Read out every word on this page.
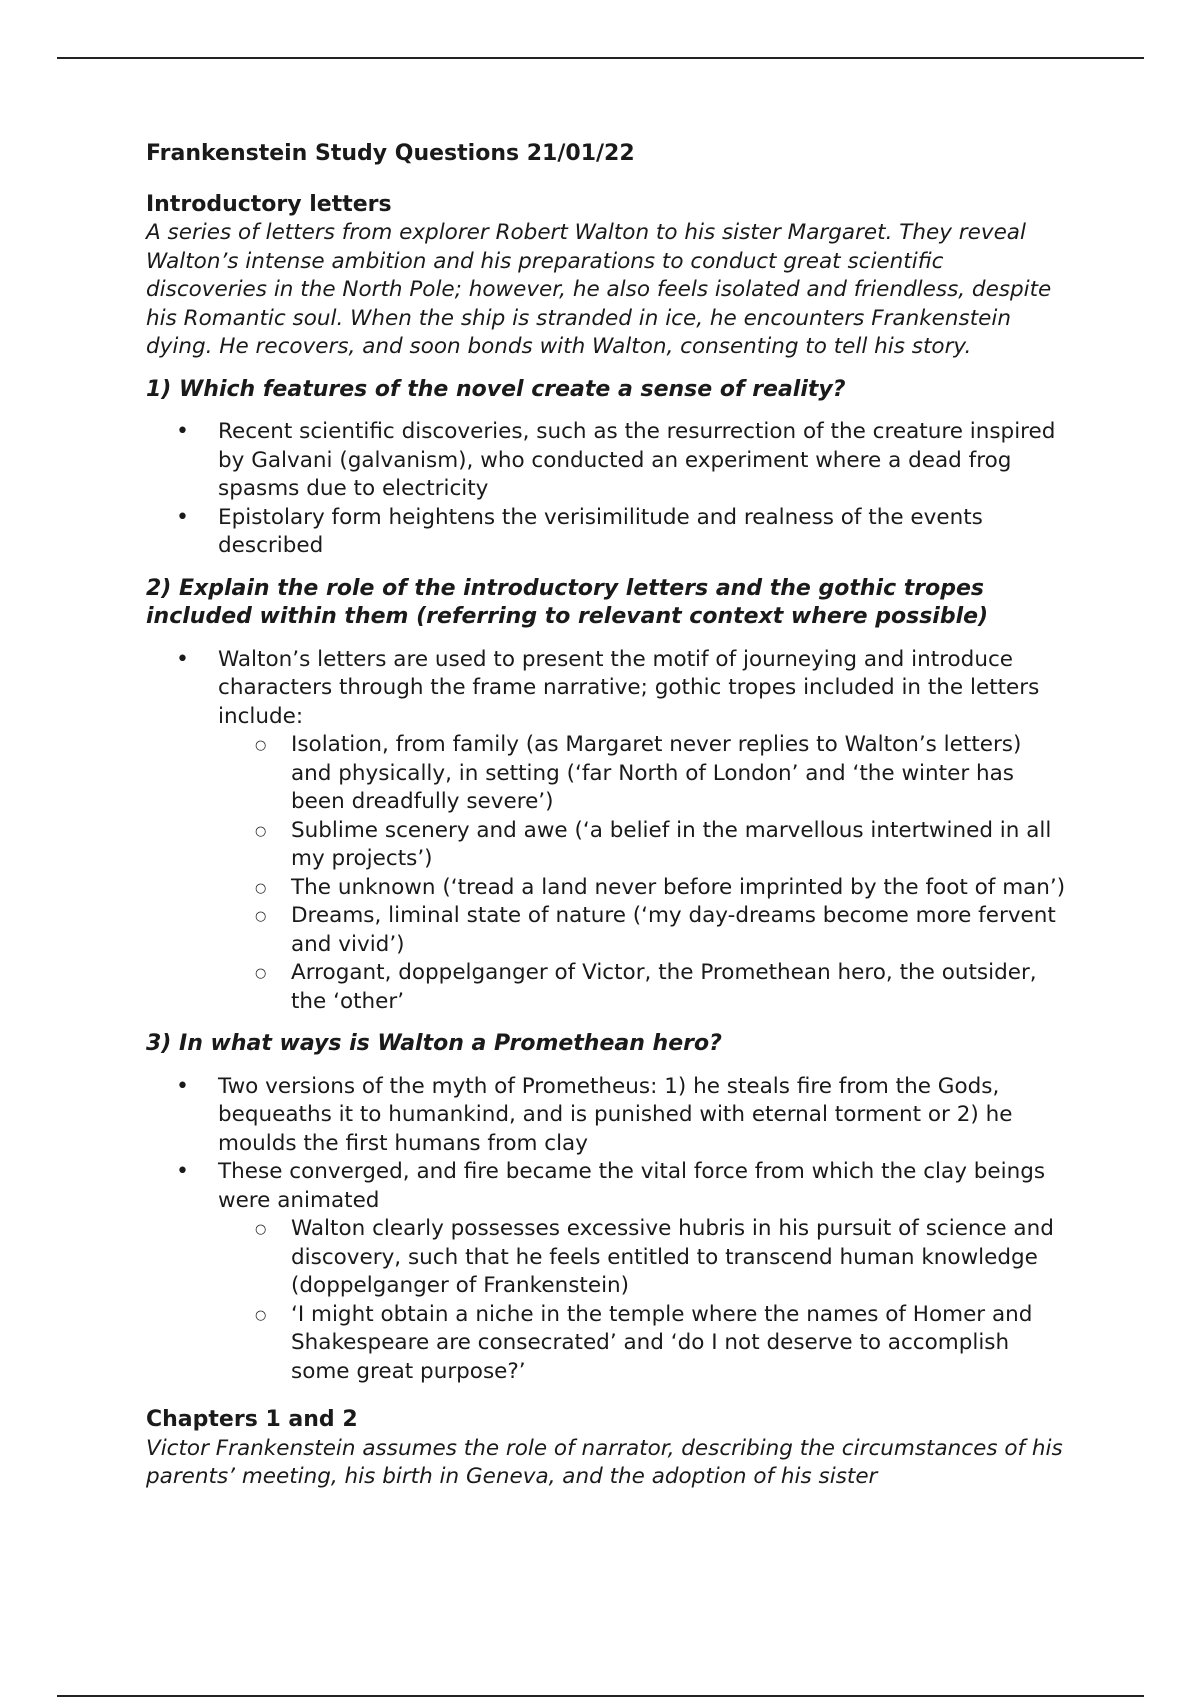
Frankenstein Study Questions 21/01/22

Introductory letters

A series of letters from explorer Robert Walton to his sister Margaret. They reveal Walton’s intense ambition and his preparations to conduct great scientific discoveries in the North Pole; however, he also feels isolated and friendless, despite his Romantic soul. When the ship is stranded in ice, he encounters Frankenstein dying. He recovers, and soon bonds with Walton, consenting to tell his story.

1) Which features of the novel create a sense of reality?

• Recent scientific discoveries, such as the resurrection of the creature inspired by Galvani (galvanism), who conducted an experiment where a dead frog spasms due to electricity
• Epistolary form heightens the verisimilitude and realness of the events described

2) Explain the role of the introductory letters and the gothic tropes included within them (referring to relevant context where possible)

• Walton’s letters are used to present the motif of journeying and introduce characters through the frame narrative; gothic tropes included in the letters include:
○ Isolation, from family (as Margaret never replies to Walton’s letters) and physically, in setting (‘far North of London’ and ‘the winter has been dreadfully severe’)
○ Sublime scenery and awe (‘a belief in the marvellous intertwined in all my projects’)
○ The unknown (‘tread a land never before imprinted by the foot of man’)
○ Dreams, liminal state of nature (‘my day-dreams become more fervent and vivid’)
○ Arrogant, doppelganger of Victor, the Promethean hero, the outsider, the ‘other’

3) In what ways is Walton a Promethean hero?

• Two versions of the myth of Prometheus: 1) he steals fire from the Gods, bequeaths it to humankind, and is punished with eternal torment or 2) he moulds the first humans from clay
• These converged, and fire became the vital force from which the clay beings were animated
○ Walton clearly possesses excessive hubris in his pursuit of science and discovery, such that he feels entitled to transcend human knowledge (doppelganger of Frankenstein)
○ ‘I might obtain a niche in the temple where the names of Homer and Shakespeare are consecrated’ and ‘do I not deserve to accomplish some great purpose?’

Chapters 1 and 2

Victor Frankenstein assumes the role of narrator, describing the circumstances of his parents’ meeting, his birth in Geneva, and the adoption of his sister
